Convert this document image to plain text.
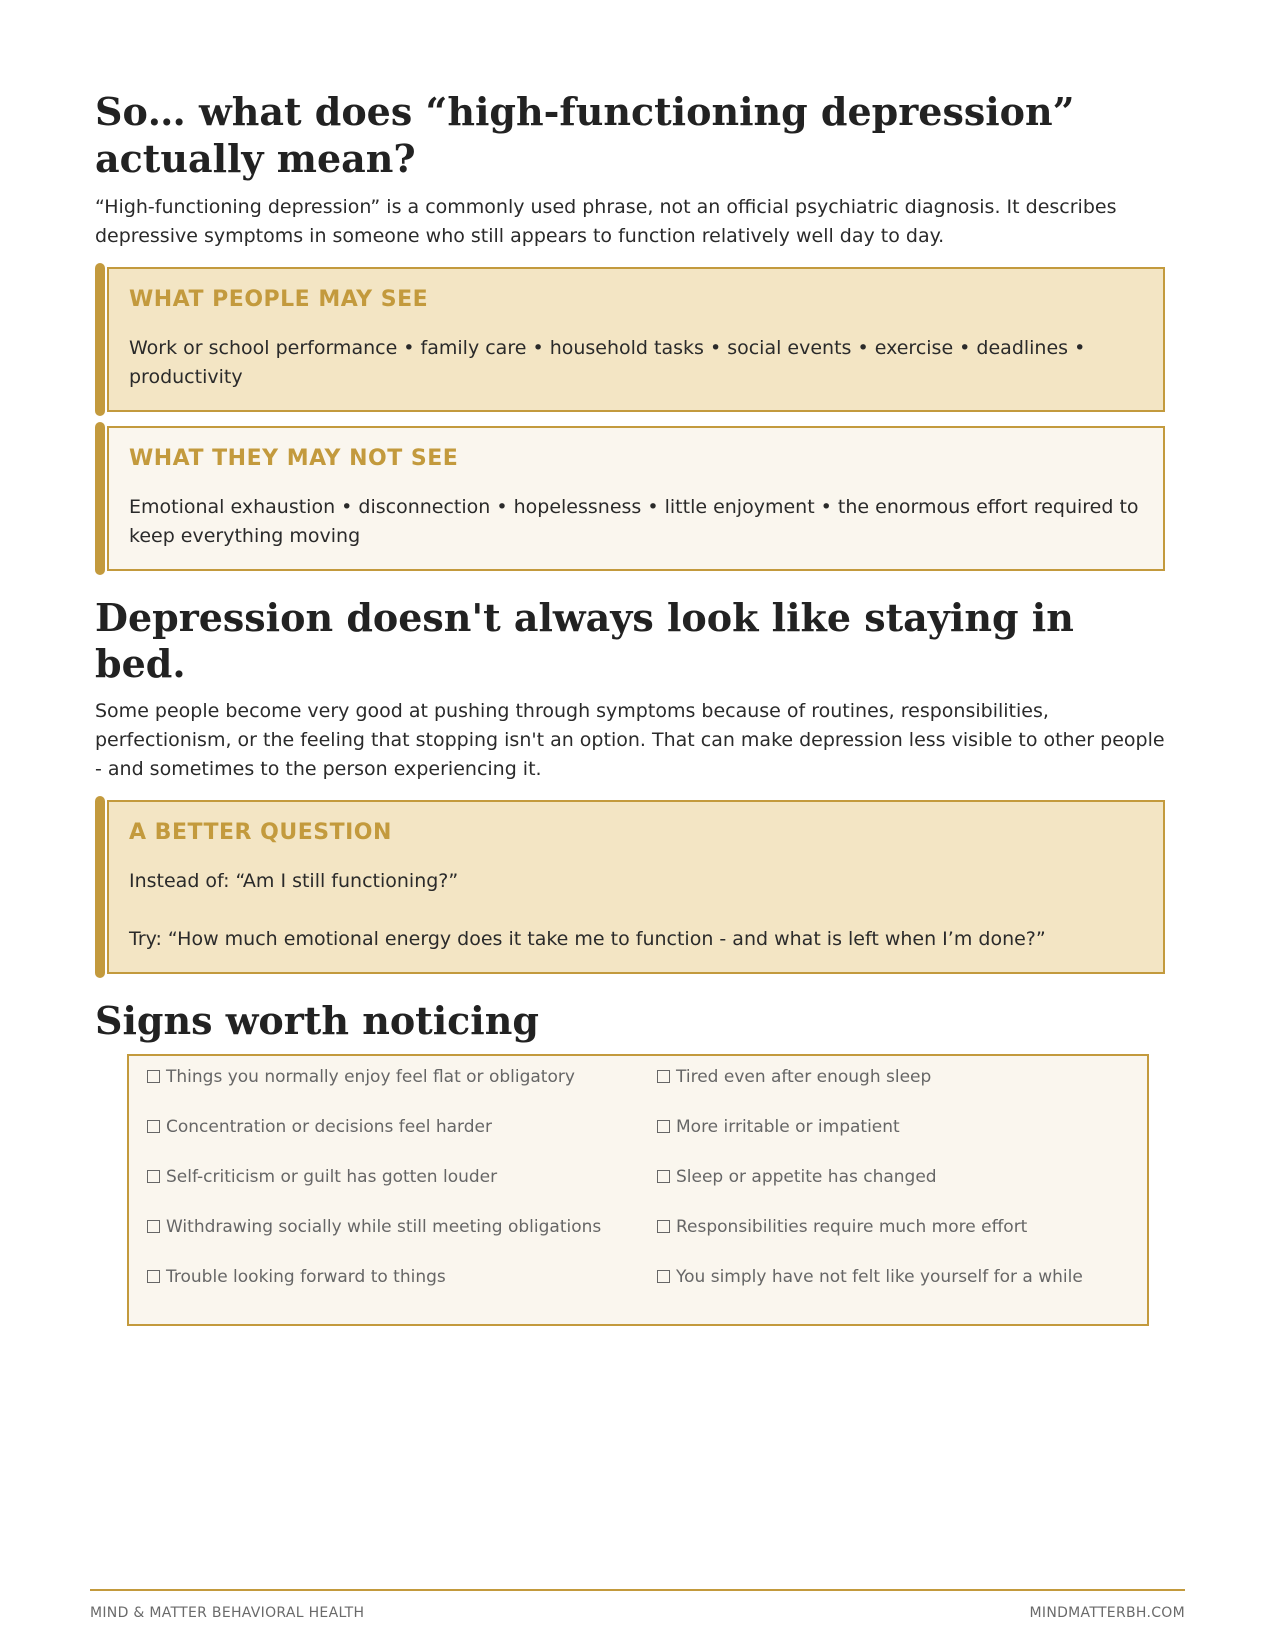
So… what does “high-functioning depression” actually mean?

“High-functioning depression” is a commonly used phrase, not an official psychiatric diagnosis. It describes depressive symptoms in someone who still appears to function relatively well day to day.

WHAT PEOPLE MAY SEE

Work or school performance • family care • household tasks • social events • exercise • deadlines • productivity

WHAT THEY MAY NOT SEE

Emotional exhaustion • disconnection • hopelessness • little enjoyment • the enormous effort required to keep everything moving

Depression doesn't always look like staying in bed.

Some people become very good at pushing through symptoms because of routines, responsibilities, perfectionism, or the feeling that stopping isn't an option. That can make depression less visible to other people - and sometimes to the person experiencing it.

A BETTER QUESTION

Instead of: “Am I still functioning?”

Try: “How much emotional energy does it take me to function - and what is left when I’m done?”

Signs worth noticing
Things you normally enjoy feel flat or obligatory	Tired even after enough sleep
Concentration or decisions feel harder	More irritable or impatient
Self-criticism or guilt has gotten louder	Sleep or appetite has changed
Withdrawing socially while still meeting obligations	Responsibilities require much more effort
Trouble looking forward to things	You simply have not felt like yourself for a while
MIND & MATTER BEHAVIORAL HEALTH	MINDMATTERBH.COM
